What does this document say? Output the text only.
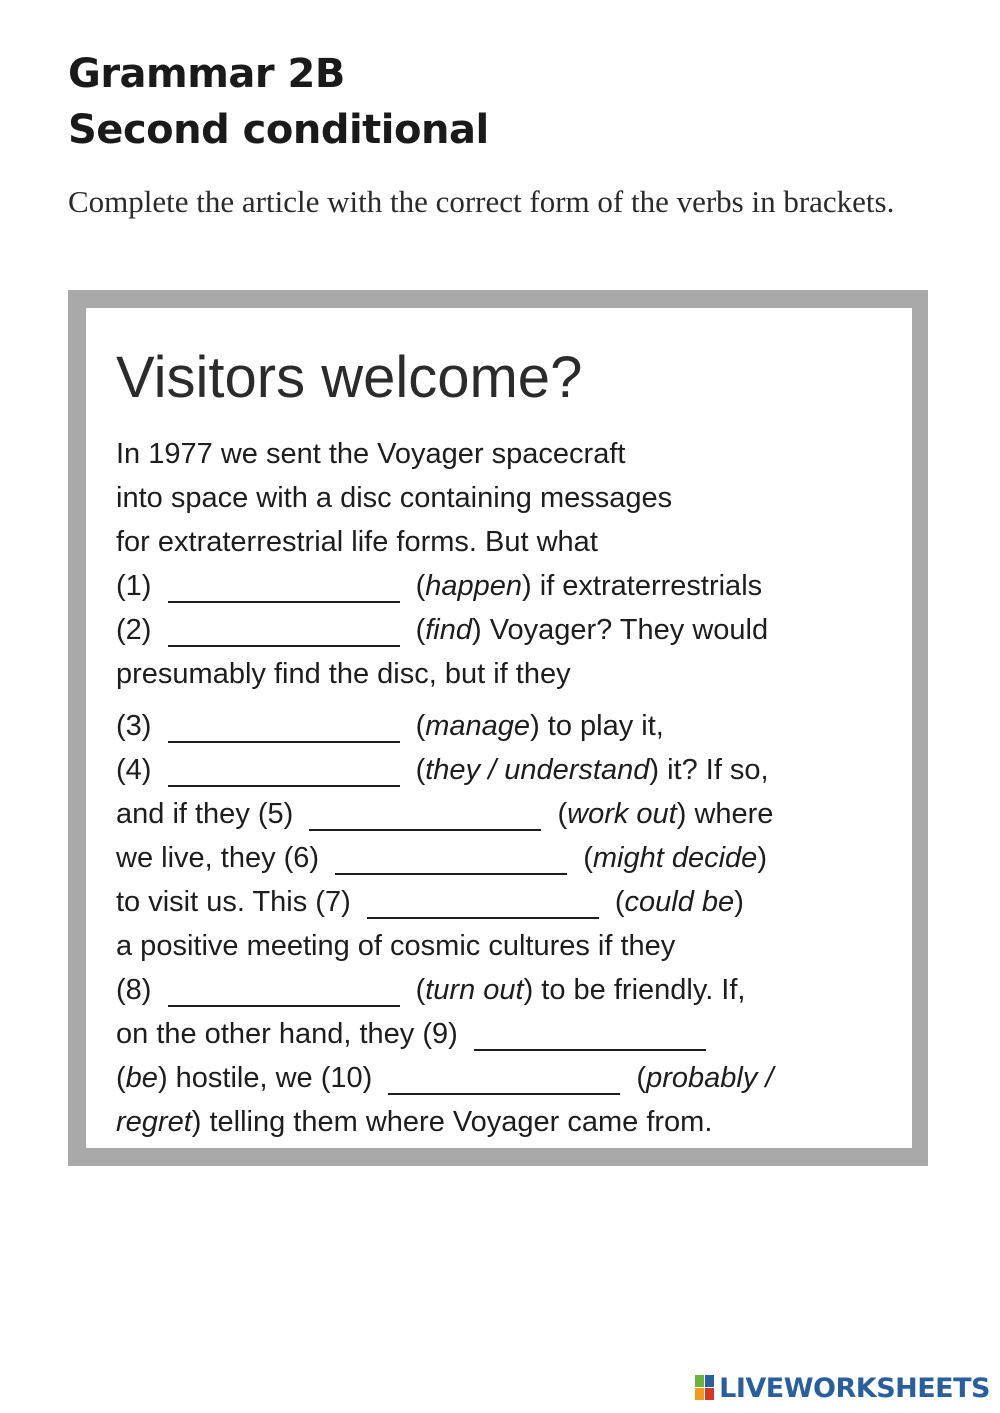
Grammar 2B
Second conditional
Complete the article with the correct form of the verbs in brackets.
Visitors welcome?
In 1977 we sent the Voyager spacecraft
into space with a disc containing messages
for extraterrestrial life forms. But what
(1)	(happen) if extraterrestrials
(2)	(find) Voyager? They would
presumably find the disc, but if they
(3)	(manage) to play it,
(4)	(they / understand) it? If so,
and if they (5)	(work out) where
we live, they (6)	(might decide)
to visit us. This (7)	(could be)
a positive meeting of cosmic cultures if they
(8)	(turn out) to be friendly. If,
on the other hand, they (9)
(be) hostile, we (10)	(probably /
regret) telling them where Voyager came from.
LIVEWORKSHEETS
